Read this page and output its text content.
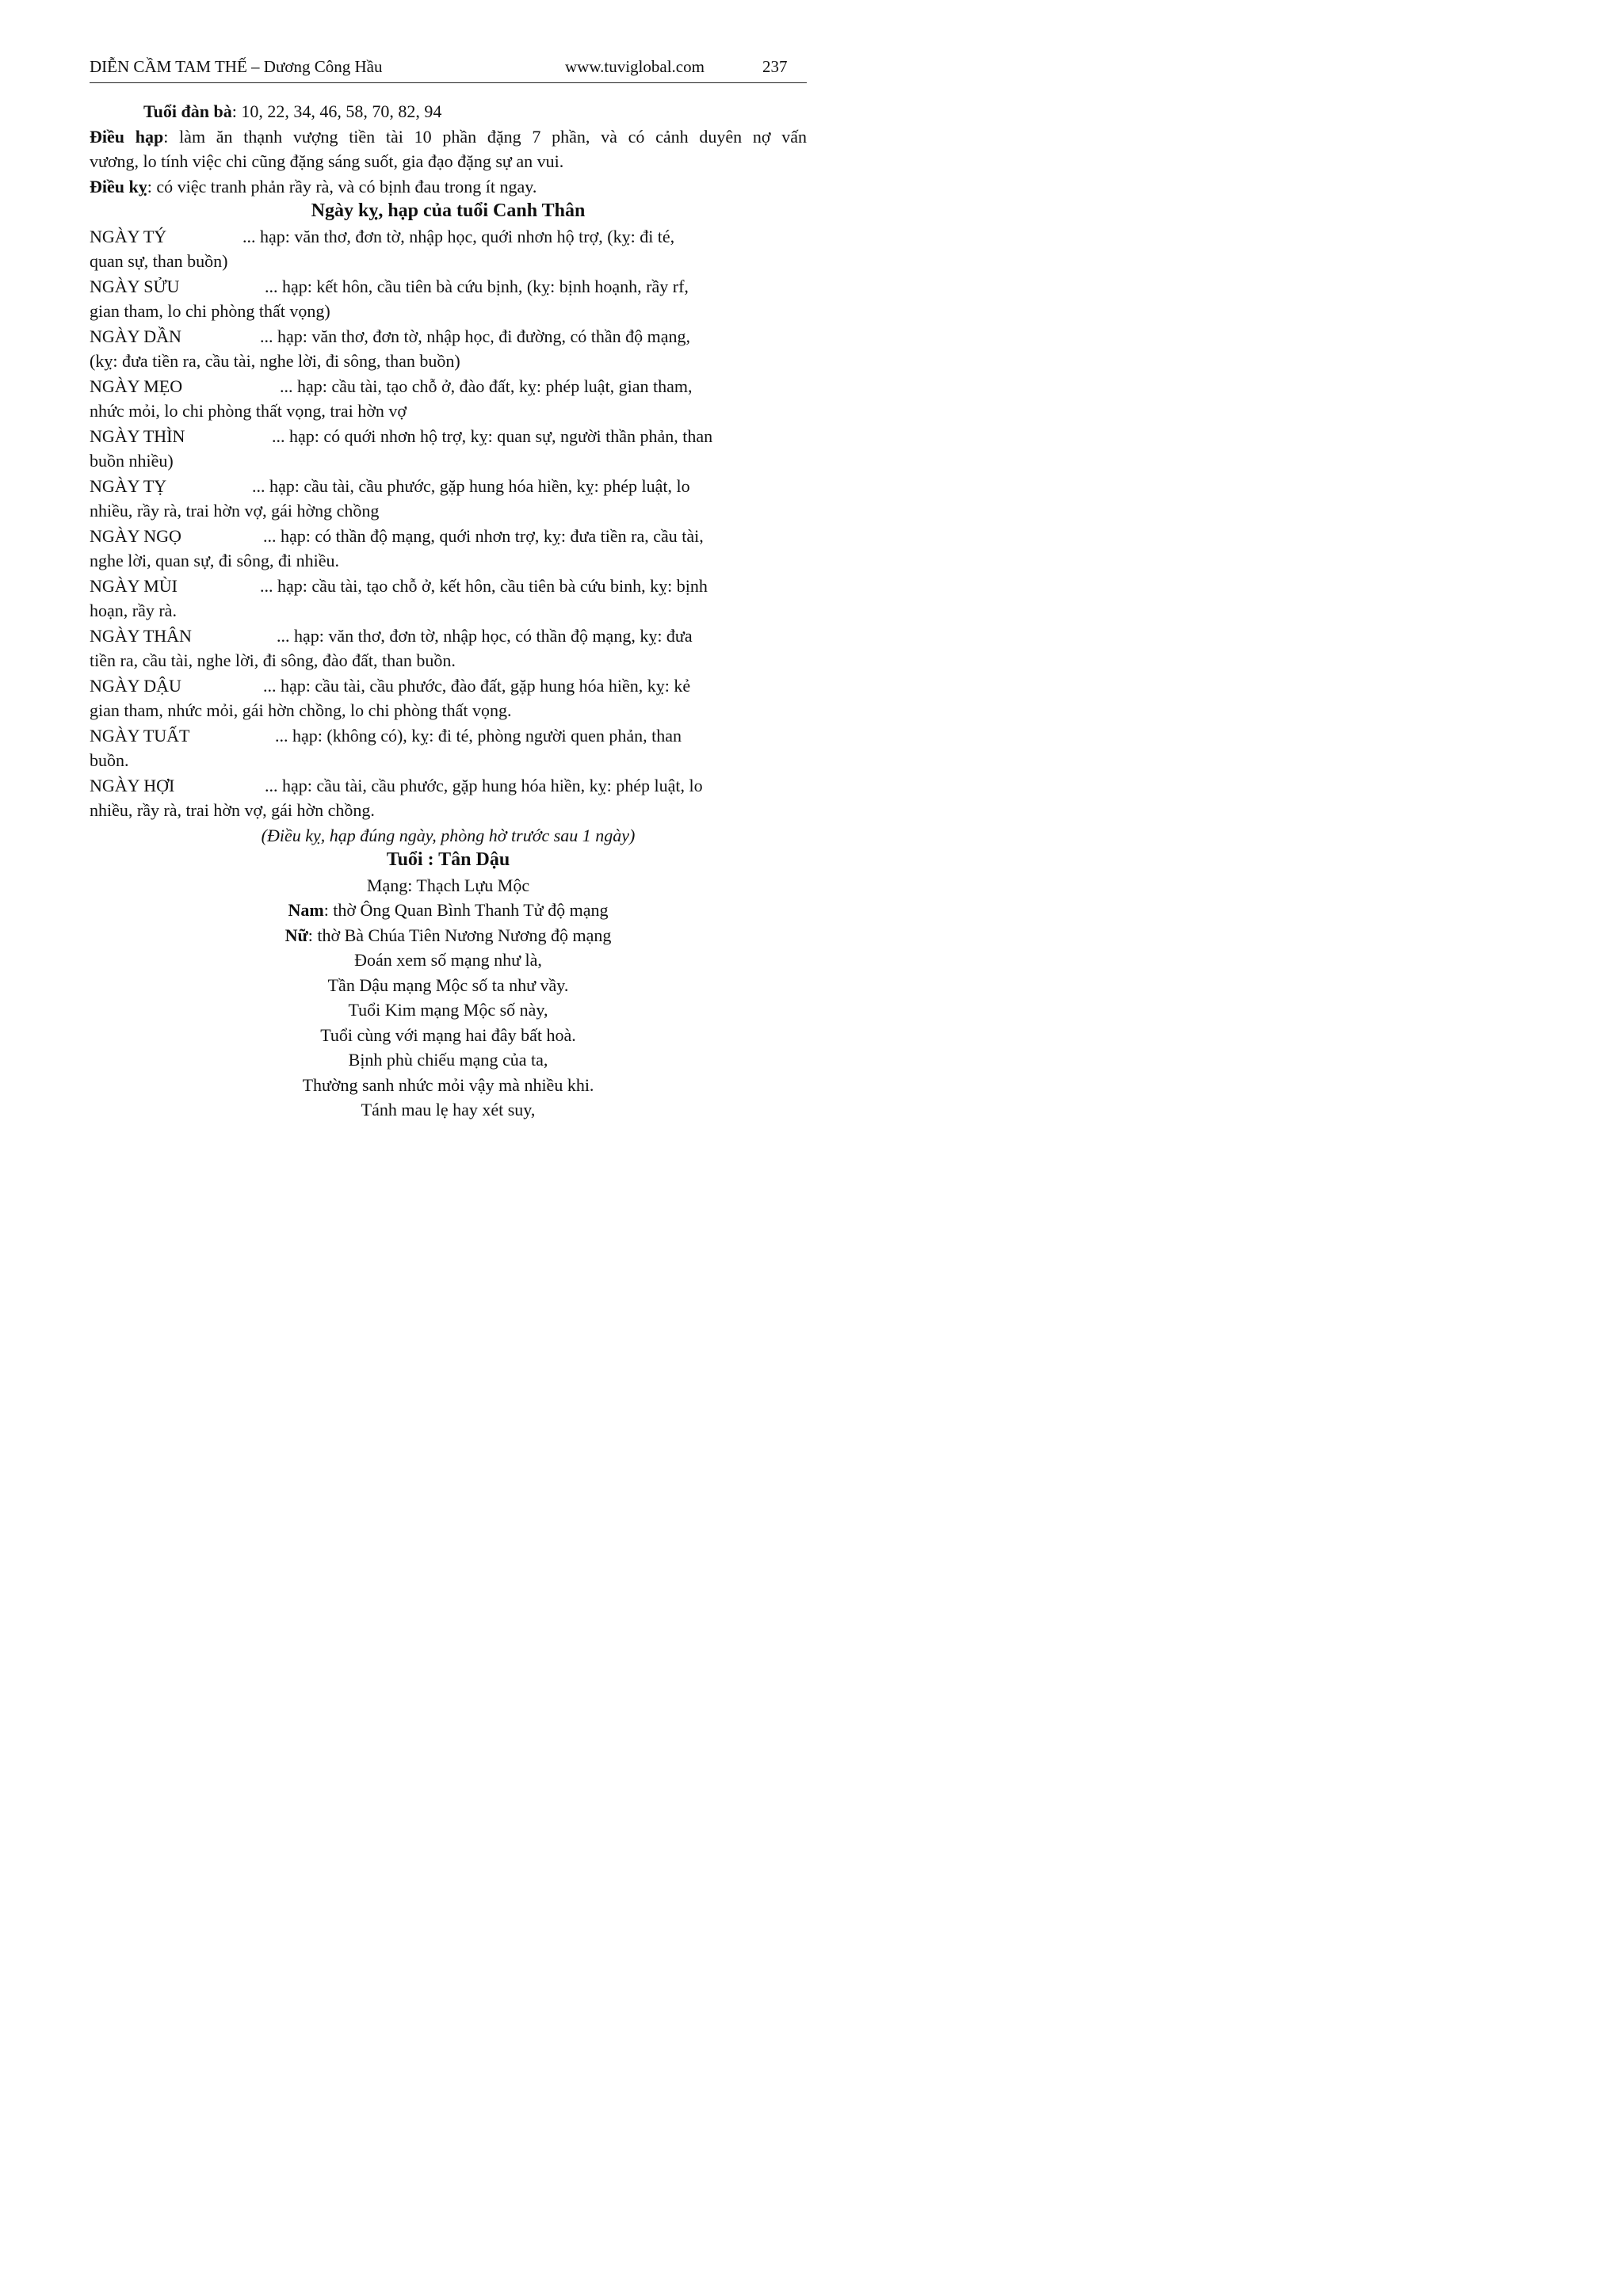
DIỄN CẦM TAM THẾ – Dương Công Hầu	www.tuviglobal.com	237

Tuổi đàn bà: 10, 22, 34, 46, 58, 70, 82, 94

Điều hạp: làm ăn thạnh vượng tiền tài 10 phần đặng 7 phần, và có cảnh duyên nợ vấn

vương, lo tính việc chi cũng đặng sáng suốt, gia đạo đặng sự an vui.

Điều kỵ: có việc tranh phản rầy rà, và có bịnh đau trong ít ngay.

Ngày kỵ, hạp của tuổi Canh Thân

NGÀY TÝ	... hạp: văn thơ, đơn tờ, nhập học, quới nhơn hộ trợ, (kỵ: đi té,
quan sự, than buồn)
NGÀY SỬU	... hạp: kết hôn, cầu tiên bà cứu bịnh, (kỵ: bịnh hoạnh, rầy rf,
gian tham, lo chi phòng thất vọng)
NGÀY DẦN	... hạp: văn thơ, đơn tờ, nhập học, đi đường, có thần độ mạng,
(kỵ: đưa tiền ra, cầu tài, nghe lời, đi sông, than buồn)
NGÀY MẸO	... hạp: cầu tài, tạo chỗ ở, đào đất, kỵ: phép luật, gian tham,
nhức mỏi, lo chi phòng thất vọng, trai hờn vợ
NGÀY THÌN	... hạp: có quới nhơn hộ trợ, kỵ: quan sự, người thần phản, than
buồn nhiều)
NGÀY TỴ	... hạp: cầu tài, cầu phước, gặp hung hóa hiền, kỵ: phép luật, lo
nhiều, rầy rà, trai hờn vợ, gái hờng chồng
NGÀY NGỌ	... hạp: có thần độ mạng, quới nhơn trợ, kỵ: đưa tiền ra, cầu tài,
nghe lời, quan sự, đi sông, đi nhiều.
NGÀY MÙI	... hạp: cầu tài, tạo chỗ ở, kết hôn, cầu tiên bà cứu binh, kỵ: bịnh
hoạn, rầy rà.
NGÀY THÂN	... hạp: văn thơ, đơn tờ, nhập học, có thần độ mạng, kỵ: đưa
tiền ra, cầu tài, nghe lời, đi sông, đào đất, than buồn.
NGÀY DẬU	... hạp: cầu tài, cầu phước, đào đất, gặp hung hóa hiền, kỵ: kẻ
gian tham, nhức mỏi, gái hờn chồng, lo chi phòng thất vọng.
NGÀY TUẤT	... hạp: (không có), kỵ: đi té, phòng người quen phản, than
buồn.
NGÀY HỢI	... hạp: cầu tài, cầu phước, gặp hung hóa hiền, kỵ: phép luật, lo
nhiều, rầy rà, trai hờn vợ, gái hờn chồng.

(Điều kỵ, hạp đúng ngày, phòng hờ trước sau 1 ngày)

Tuổi : Tân Dậu

Mạng: Thạch Lựu Mộc

Nam: thờ Ông Quan Bình Thanh Tử độ mạng

Nữ: thờ Bà Chúa Tiên Nương Nương độ mạng

Đoán xem số mạng như là,

Tần Dậu mạng Mộc số ta như vầy.

Tuổi Kim mạng Mộc số này,

Tuổi cùng với mạng hai đây bất hoà.

Bịnh phù chiếu mạng của ta,

Thường sanh nhức mỏi vậy mà nhiều khi.

Tánh mau lẹ hay xét suy,
